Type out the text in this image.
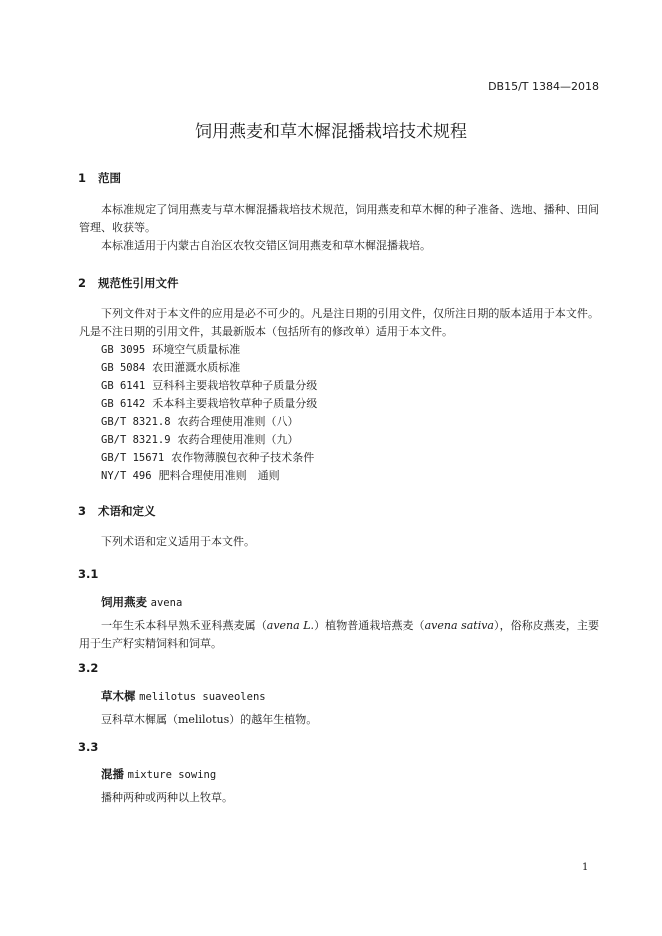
DB15/T 1384—2018
饲用燕麦和草木樨混播栽培技术规程
1 范围
本标准规定了饲用燕麦与草木樨混播栽培技术规范，饲用燕麦和草木樨的种子准备、选地、播种、田间管理、收获等。
本标准适用于内蒙古自治区农牧交错区饲用燕麦和草木樨混播栽培。
2 规范性引用文件
下列文件对于本文件的应用是必不可少的。凡是注日期的引用文件，仅所注日期的版本适用于本文件。凡是不注日期的引用文件，其最新版本（包括所有的修改单）适用于本文件。
GB 3095 环境空气质量标准
GB 5084 农田灌溉水质标准
GB 6141 豆科科主要栽培牧草种子质量分级
GB 6142 禾本科主要栽培牧草种子质量分级
GB/T 8321.8 农药合理使用准则（八）
GB/T 8321.9 农药合理使用准则（九）
GB/T 15671 农作物薄膜包衣种子技术条件
NY/T 496 肥料合理使用准则　通则
3 术语和定义
下列术语和定义适用于本文件。
3.1
饲用燕麦 avena
一年生禾本科早熟禾亚科燕麦属（avena L.）植物普通栽培燕麦（avena sativa），俗称皮燕麦，主要用于生产籽实精饲料和饲草。
3.2
草木樨 melilotus suaveolens
豆科草木樨属（melilotus）的越年生植物。
3.3
混播 mixture sowing
播种两种或两种以上牧草。
1
